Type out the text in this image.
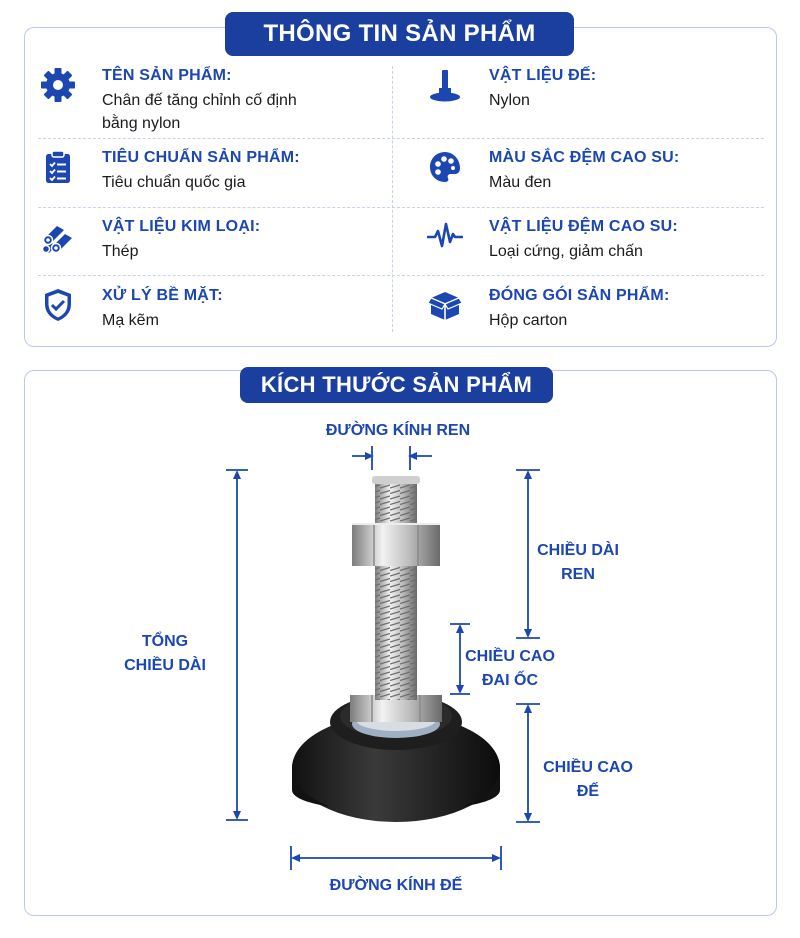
THÔNG TIN SẢN PHẨM
TÊN SẢN PHẨM:
Chân đế tăng chỉnh cố định bằng nylon
TIÊU CHUẨN SẢN PHẨM:
Tiêu chuẩn quốc gia
VẬT LIỆU KIM LOẠI:
Thép
XỬ LÝ BỀ MẶT:
Mạ kẽm
VẬT LIỆU ĐẾ:
Nylon
MÀU SẮC ĐỆM CAO SU:
Màu đen
VẬT LIỆU ĐỆM CAO SU:
Loại cứng, giảm chấn
ĐÓNG GÓI SẢN PHẨM:
Hộp carton
KÍCH THƯỚC SẢN PHẨM
ĐƯỜNG KÍNH REN
TỔNG
CHIỀU DÀI
CHIỀU DÀI
REN
CHIỀU CAO
ĐAI ỐC
CHIỀU CAO
ĐẾ
ĐƯỜNG KÍNH ĐẾ
